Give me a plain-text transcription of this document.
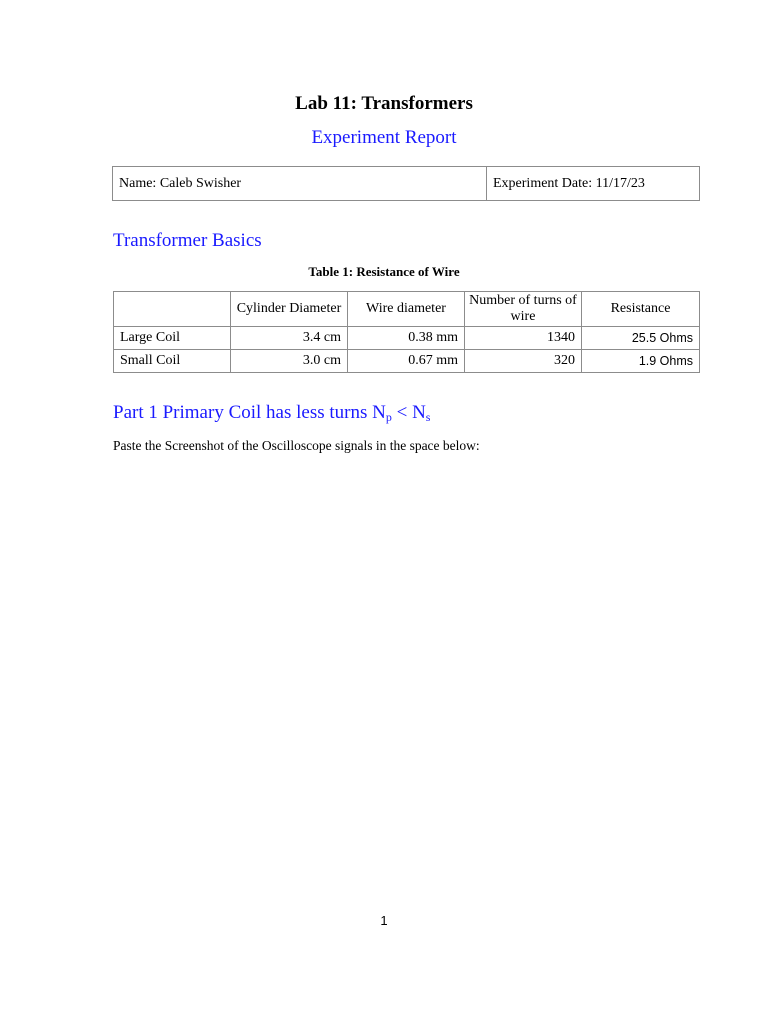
Lab 11: Transformers
Experiment Report
Name: Caleb Swisher	Experiment Date: 11/17/23
Transformer Basics
Table 1: Resistance of Wire
	Cylinder Diameter	Wire diameter	Number of turns of wire	Resistance
Large Coil	3.4 cm	0.38 mm	1340	25.5 Ohms
Small Coil	3.0 cm	0.67 mm	320	1.9 Ohms
Part 1 Primary Coil has less turns $N_p < N_s$
Paste the Screenshot of the Oscilloscope signals in the space below:
1
